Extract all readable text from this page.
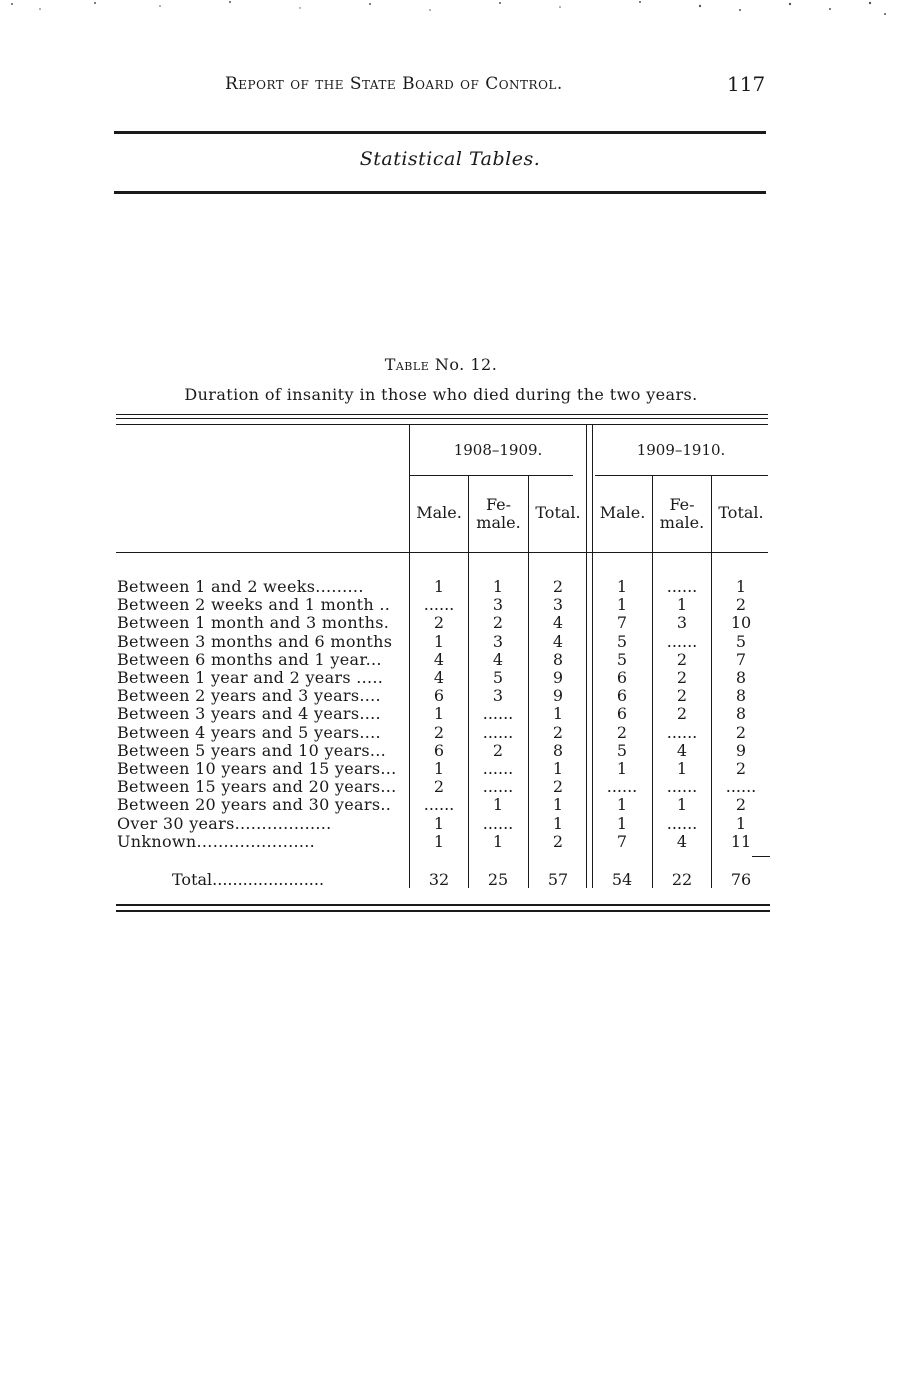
Report of the State Board of Control.	117
Statistical Tables.
Table No. 12.
Duration of insanity in those who died during the two years.
1908–1909.	1909–1910.
Male.	Fe-
male.
Total.	Male.	Fe-
male.
Total.
Between 1 and 2 weeks.........	1	1	2	1	......	1
Between 2 weeks and 1 month ..	......	3	3	1	1	2
Between 1 month and 3 months.	2	2	4	7	3	10
Between 3 months and 6 months	1	3	4	5	......	5
Between 6 months and 1 year...	4	4	8	5	2	7
Between 1 year and 2 years .....	4	5	9	6	2	8
Between 2 years and 3 years....	6	3	9	6	2	8
Between 3 years and 4 years....	1	......	1	6	2	8
Between 4 years and 5 years....	2	......	2	2	......	2
Between 5 years and 10 years...	6	2	8	5	4	9
Between 10 years and 15 years...	1	......	1	1	1	2
Between 15 years and 20 years...	2	......	2	......	......	......
Between 20 years and 30 years..	......	1	1	1	1	2
Over 30 years..................	1	......	1	1	......	1
Unknown......................	1	1	2	7	4	11
Total......................	32	25	57	54	22	76
